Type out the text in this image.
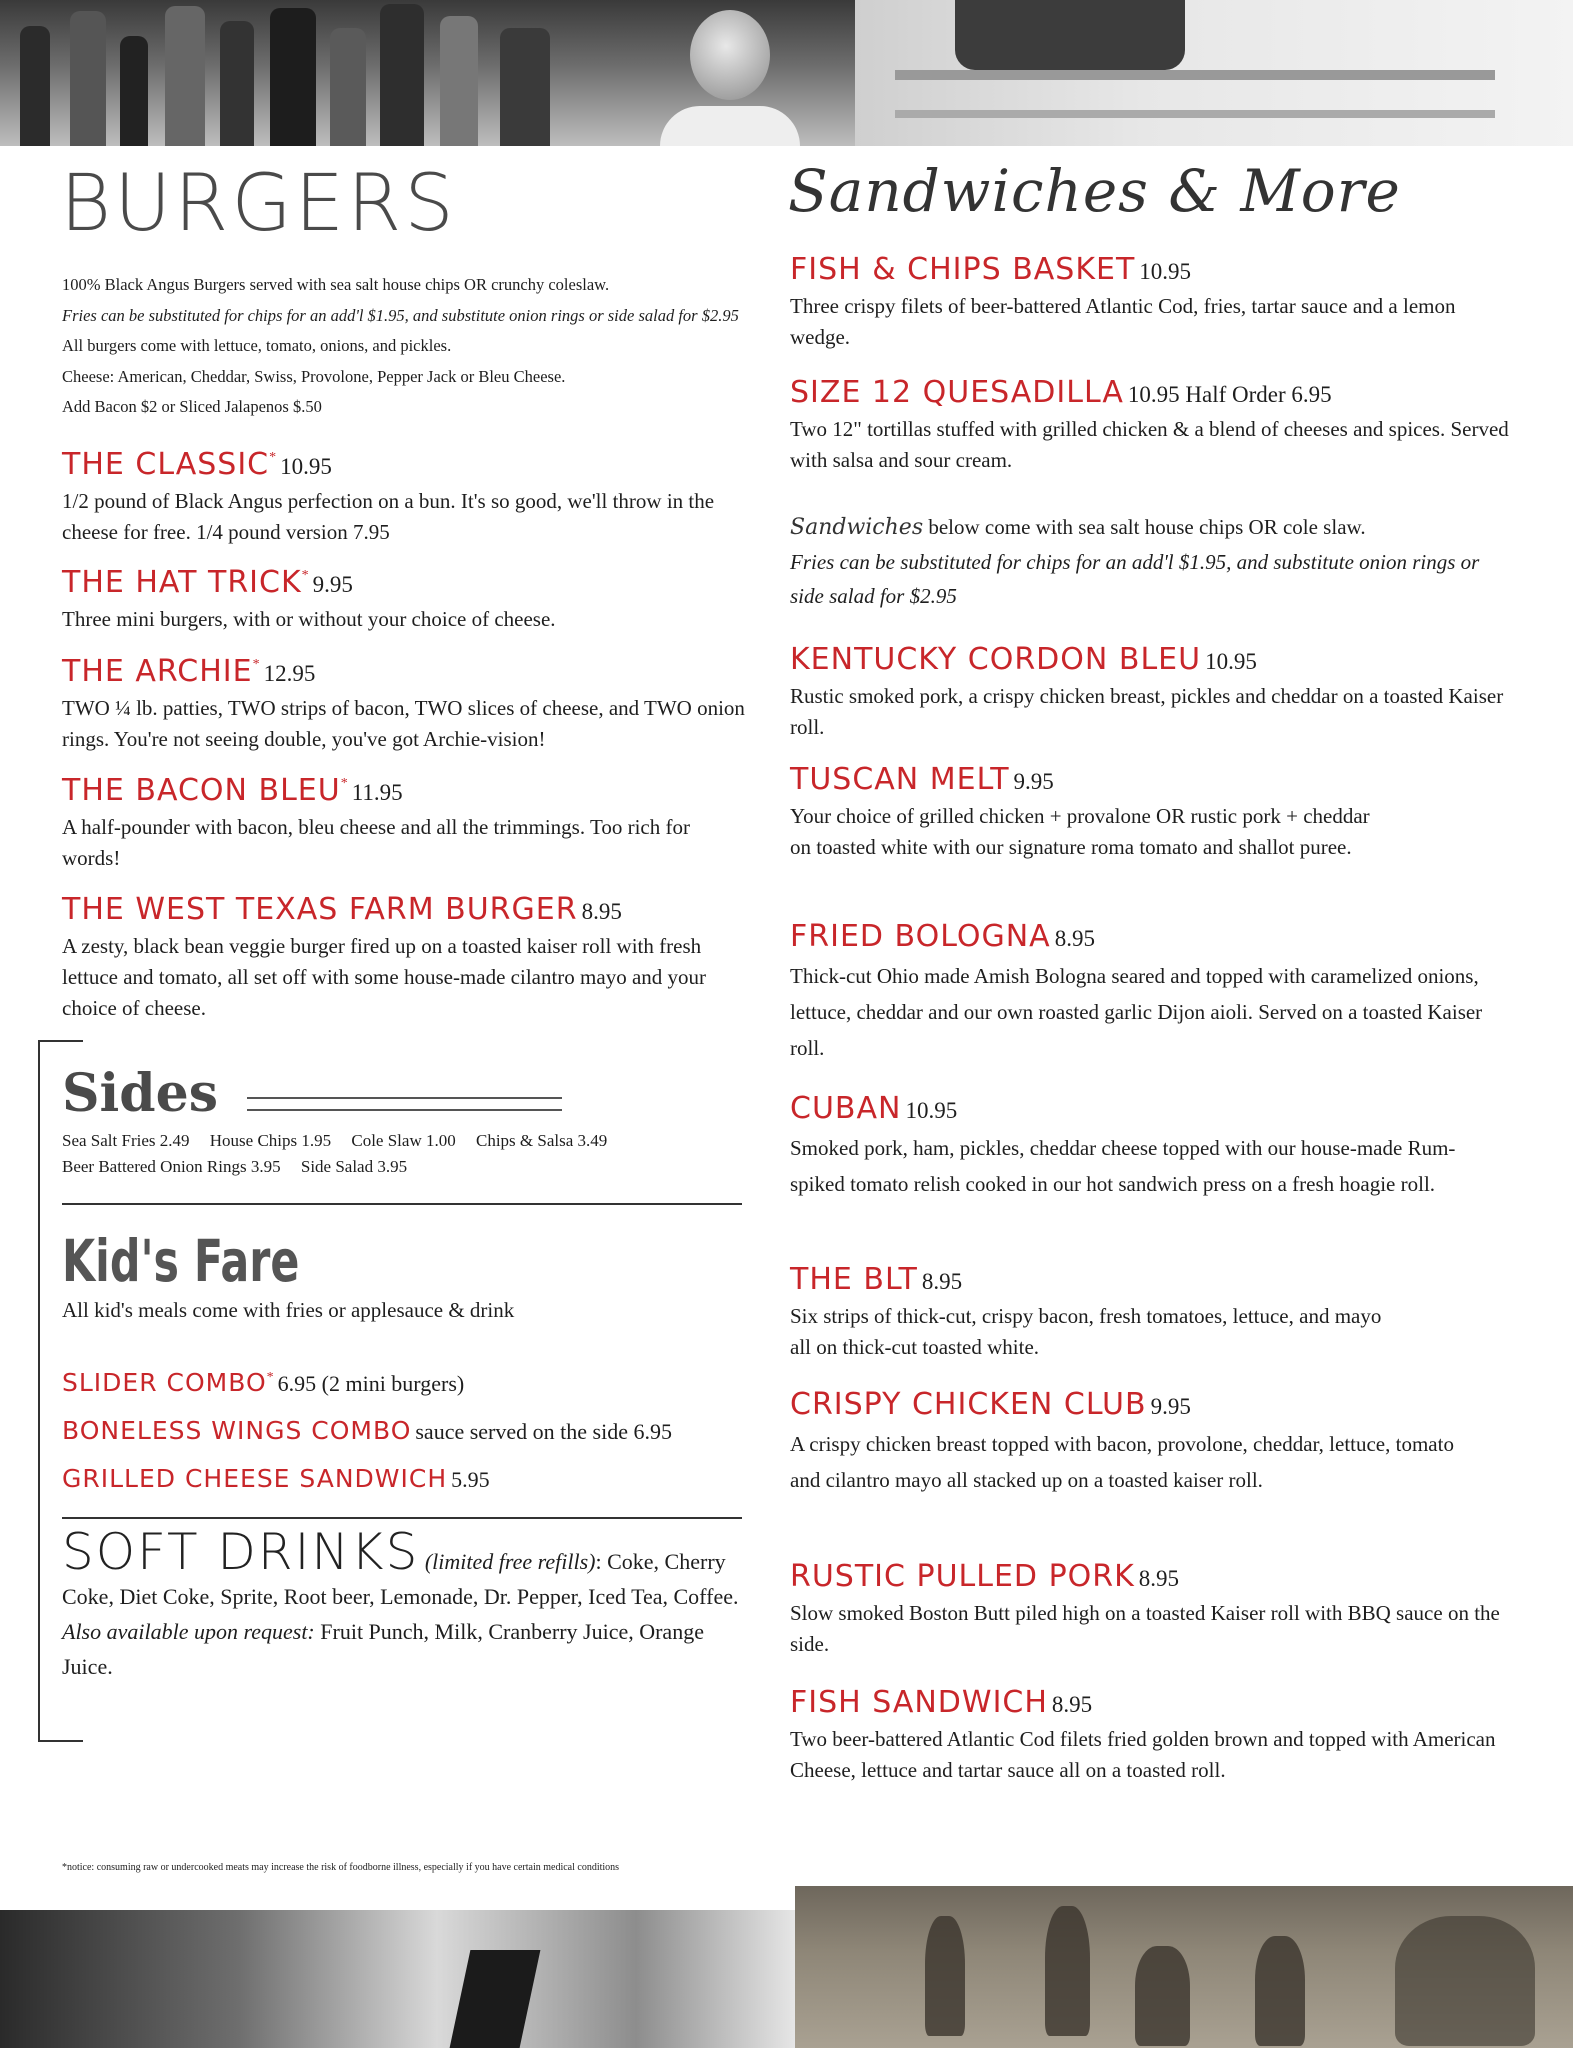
BURGERS
100% Black Angus Burgers served with sea salt house chips OR crunchy coleslaw.
Fries can be substituted for chips for an add'l $1.95, and substitute onion rings or side salad for $2.95 All burgers come with lettuce, tomato, onions, and pickles.
Cheese: American, Cheddar, Swiss, Provolone, Pepper Jack or Bleu Cheese.
Add Bacon $2 or Sliced Jalapenos $.50
THE CLASSIC* 10.95
1/2 pound of Black Angus perfection on a bun. It's so good, we'll throw in the cheese for free. 1/4 pound version 7.95
THE HAT TRICK* 9.95
Three mini burgers, with or without your choice of cheese.
THE ARCHIE* 12.95
TWO ¼ lb. patties, TWO strips of bacon, TWO slices of cheese, and TWO onion rings. You're not seeing double, you've got Archie-vision!
THE BACON BLEU* 11.95
A half-pounder with bacon, bleu cheese and all the trimmings. Too rich for words!
THE WEST TEXAS FARM BURGER 8.95
A zesty, black bean veggie burger fired up on a toasted kaiser roll with fresh lettuce and tomato, all set off with some house-made cilantro mayo and your choice of cheese.
Sides
Sea Salt Fries 2.49 House Chips 1.95 Cole Slaw 1.00 Chips & Salsa 3.49
Beer Battered Onion Rings 3.95 Side Salad 3.95
Kid's Fare
All kid's meals come with fries or applesauce & drink
SLIDER COMBO* 6.95 (2 mini burgers)
BONELESS WINGS COMBO sauce served on the side 6.95
GRILLED CHEESE SANDWICH 5.95
SOFT DRINKS (limited free refills): Coke, Cherry Coke, Diet Coke, Sprite, Root beer, Lemonade, Dr. Pepper, Iced Tea, Coffee. Also available upon request: Fruit Punch, Milk, Cranberry Juice, Orange Juice.
*notice: consuming raw or undercooked meats may increase the risk of foodborne illness, especially if you have certain medical conditions
Sandwiches & More
FISH & CHIPS BASKET 10.95
Three crispy filets of beer-battered Atlantic Cod, fries, tartar sauce and a lemon wedge.
SIZE 12 QUESADILLA 10.95 Half Order 6.95
Two 12" tortillas stuffed with grilled chicken & a blend of cheeses and spices. Served with salsa and sour cream.
Sandwiches below come with sea salt house chips OR cole slaw.
Fries can be substituted for chips for an add'l $1.95, and substitute onion rings or side salad for $2.95
KENTUCKY CORDON BLEU 10.95
Rustic smoked pork, a crispy chicken breast, pickles and cheddar on a toasted Kaiser roll.
TUSCAN MELT 9.95
Your choice of grilled chicken + provalone OR rustic pork + cheddar on toasted white with our signature roma tomato and shallot puree.
FRIED BOLOGNA 8.95
Thick-cut Ohio made Amish Bologna seared and topped with caramelized onions, lettuce, cheddar and our own roasted garlic Dijon aioli. Served on a toasted Kaiser roll.
CUBAN 10.95
Smoked pork, ham, pickles, cheddar cheese topped with our house-made Rum-spiked tomato relish cooked in our hot sandwich press on a fresh hoagie roll.
THE BLT 8.95
Six strips of thick-cut, crispy bacon, fresh tomatoes, lettuce, and mayo all on thick-cut toasted white.
CRISPY CHICKEN CLUB 9.95
A crispy chicken breast topped with bacon, provolone, cheddar, lettuce, tomato and cilantro mayo all stacked up on a toasted kaiser roll.
RUSTIC PULLED PORK 8.95
Slow smoked Boston Butt piled high on a toasted Kaiser roll with BBQ sauce on the side.
FISH SANDWICH 8.95
Two beer-battered Atlantic Cod filets fried golden brown and topped with American Cheese, lettuce and tartar sauce all on a toasted roll.
